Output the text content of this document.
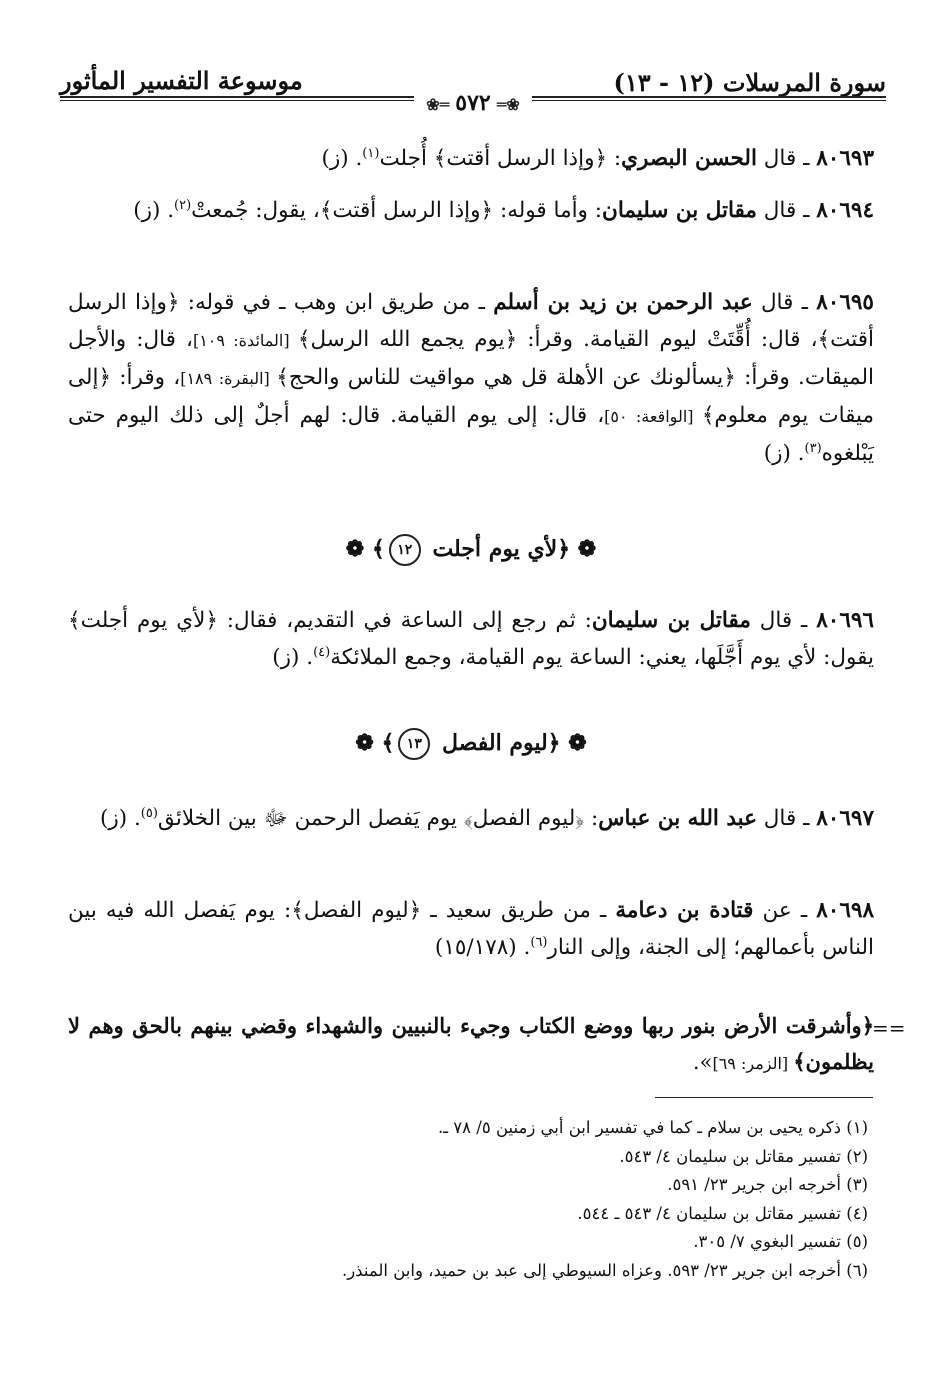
سورة المرسلات (١٢ - ١٣)
موسوعة التفسير المأثور
❀═ ٥٧٢ ═❀
٨٠٦٩٣ ـ قال الحسن البصري: ﴿وإذا الرسل أقتت﴾ أُجلت$^{(١)}$. (ز)
٨٠٦٩٤ ـ قال مقاتل بن سليمان: وأما قوله: ﴿وإذا الرسل أقتت﴾، يقول: جُمعتْ$^{(٢)}$. (ز)
٨٠٦٩٥ ـ قال عبد الرحمن بن زيد بن أسلم ـ من طريق ابن وهب ـ في قوله: ﴿وإذا الرسل أقتت﴾، قال: أُقِّتَتْ ليوم القيامة. وقرأ: ﴿يوم يجمع الله الرسل﴾ [المائدة: ١٠٩]، قال: والأجل الميقات. وقرأ: ﴿يسألونك عن الأهلة قل هي مواقيت للناس والحج﴾ [البقرة: ١٨٩]، وقرأ: ﴿إلى ميقات يوم معلوم﴾ [الواقعة: ٥٠]، قال: إلى يوم القيامة. قال: لهم أجلٌ إلى ذلك اليوم حتى يَبْلغوه$^{(٣)}$. (ز)
❁ ﴿لأي يوم أجلت ١٢﴾ ❁
٨٠٦٩٦ ـ قال مقاتل بن سليمان: ثم رجع إلى الساعة في التقديم، فقال: ﴿لأي يوم أجلت﴾ يقول: لأي يوم أَجَّلَها، يعني: الساعة يوم القيامة، وجمع الملائكة$^{(٤)}$. (ز)
❁ ﴿ليوم الفصل ١٣﴾ ❁
٨٠٦٩٧ ـ قال عبد الله بن عباس: ﴿ليوم الفصل﴾ يوم يَفصل الرحمن ﷻ بين الخلائق$^{(٥)}$. (ز)
٨٠٦٩٨ ـ عن قتادة بن دعامة ـ من طريق سعيد ـ ﴿ليوم الفصل﴾: يوم يَفصل الله فيه بين الناس بأعمالهم؛ إلى الجنة، وإلى النار$^{(٦)}$. (١٥/١٧٨)
==
﴿وأشرقت الأرض بنور ربها ووضع الكتاب وجيء بالنبيين والشهداء وقضي بينهم بالحق وهم لا يظلمون﴾ [الزمر: ٦٩]».
(١) ذكره يحيى بن سلام ـ كما في تفسير ابن أبي زمنين ٥/ ٧٨ ـ.
(٢) تفسير مقاتل بن سليمان ٤/ ٥٤٣.
(٣) أخرجه ابن جرير ٢٣/ ٥٩١.
(٤) تفسير مقاتل بن سليمان ٤/ ٥٤٣ ـ ٥٤٤.
(٥) تفسير البغوي ٧/ ٣٠٥.
(٦) أخرجه ابن جرير ٢٣/ ٥٩٣. وعزاه السيوطي إلى عبد بن حميد، وابن المنذر.
